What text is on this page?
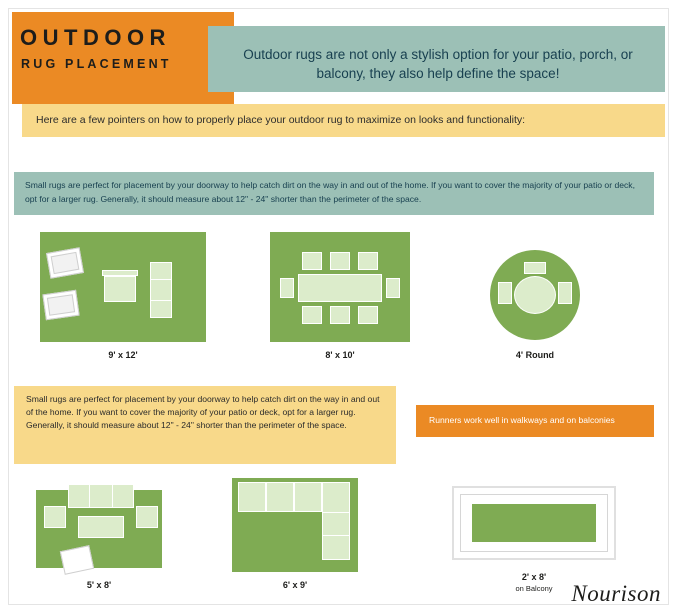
OUTDOOR
RUG PLACEMENT
Outdoor rugs are not only a stylish option for your patio, porch, or balcony, they also help define the space!
Here are a few pointers on how to properly place your outdoor rug to maximize on looks and functionality:
Small rugs are perfect for placement by your doorway to help catch dirt on the way in and out of the home. If you want to cover the majority of your patio or deck, opt for a larger rug. Generally, it should measure about 12" - 24" shorter than the perimeter of the space.
9' x 12'	8' x 10'	4' Round
Small rugs are perfect for placement by your doorway to help catch dirt on the way in and out of the home. If you want to cover the majority of your patio or deck, opt for a larger rug. Generally, it should measure about 12" - 24" shorter than the perimeter of the space.
Runners work well in walkways and on balconies
5' x 8'	6' x 9'
2' x 8'
on Balcony Nourison
